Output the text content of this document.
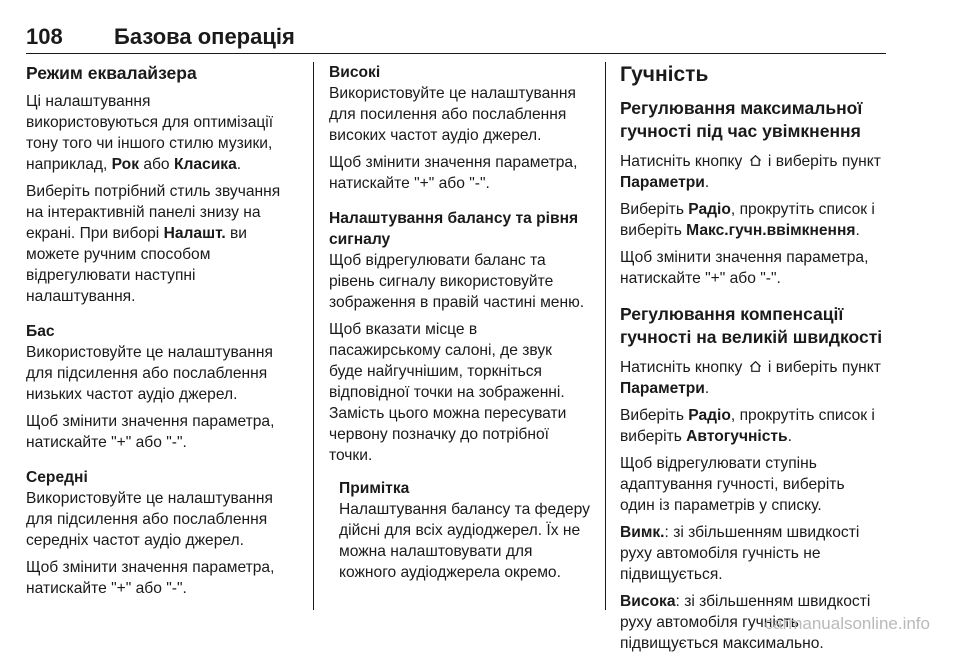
108 Базова операція
Режим еквалайзера

Ці налаштування
використовуються для оптимізації
тону того чи іншого стилю музики,
наприклад, Рок або Класика.

Виберіть потрібний стиль звучання
на інтерактивній панелі знизу на
екрані. При виборі Налашт. ви
можете ручним способом
відрегулювати наступні
налаштування.

Бас

Використовуйте це налаштування
для підсилення або послаблення
низьких частот аудіо джерел.

Щоб змінити значення параметра,
натискайте "+" або "-".

Середні

Використовуйте це налаштування
для підсилення або послаблення
середніх частот аудіо джерел.

Щоб змінити значення параметра,
натискайте "+" або "-".

Високі

Використовуйте це налаштування
для посилення або послаблення
високих частот аудіо джерел.

Щоб змінити значення параметра,
натискайте "+" або "-".

Налаштування балансу та рівня
сигналу

Щоб відрегулювати баланс та
рівень сигналу використовуйте
зображення в правій частині меню.

Щоб вказати місце в
пасажирському салоні, де звук
буде найгучнішим, торкніться
відповідної точки на зображенні.
Замість цього можна пересувати
червону позначку до потрібної
точки.

Примітка
Налаштування балансу та федеру
дійсні для всіх аудіоджерел. Їх не
можна налаштовувати для
кожного аудіоджерела окремо.
Гучність
Регулювання максимальної
гучності під час увімкнення

Натисніть кнопку  і виберіть пункт
Параметри.

Виберіть Радіо, прокрутіть список і
виберіть Макс.гучн.ввімкнення.

Щоб змінити значення параметра,
натискайте "+" або "-".

Регулювання компенсації
гучності на великій швидкості

Натисніть кнопку  і виберіть пункт
Параметри.

Виберіть Радіо, прокрутіть список і
виберіть Автогучність.

Щоб відрегулювати ступінь
адаптування гучності, виберіть
один із параметрів у списку.

Вимк.: зі збільшенням швидкості
руху автомобіля гучність не
підвищується.

Висока: зі збільшенням швидкості
руху автомобіля гучність
підвищується максимально.

carmanualsonline.info
